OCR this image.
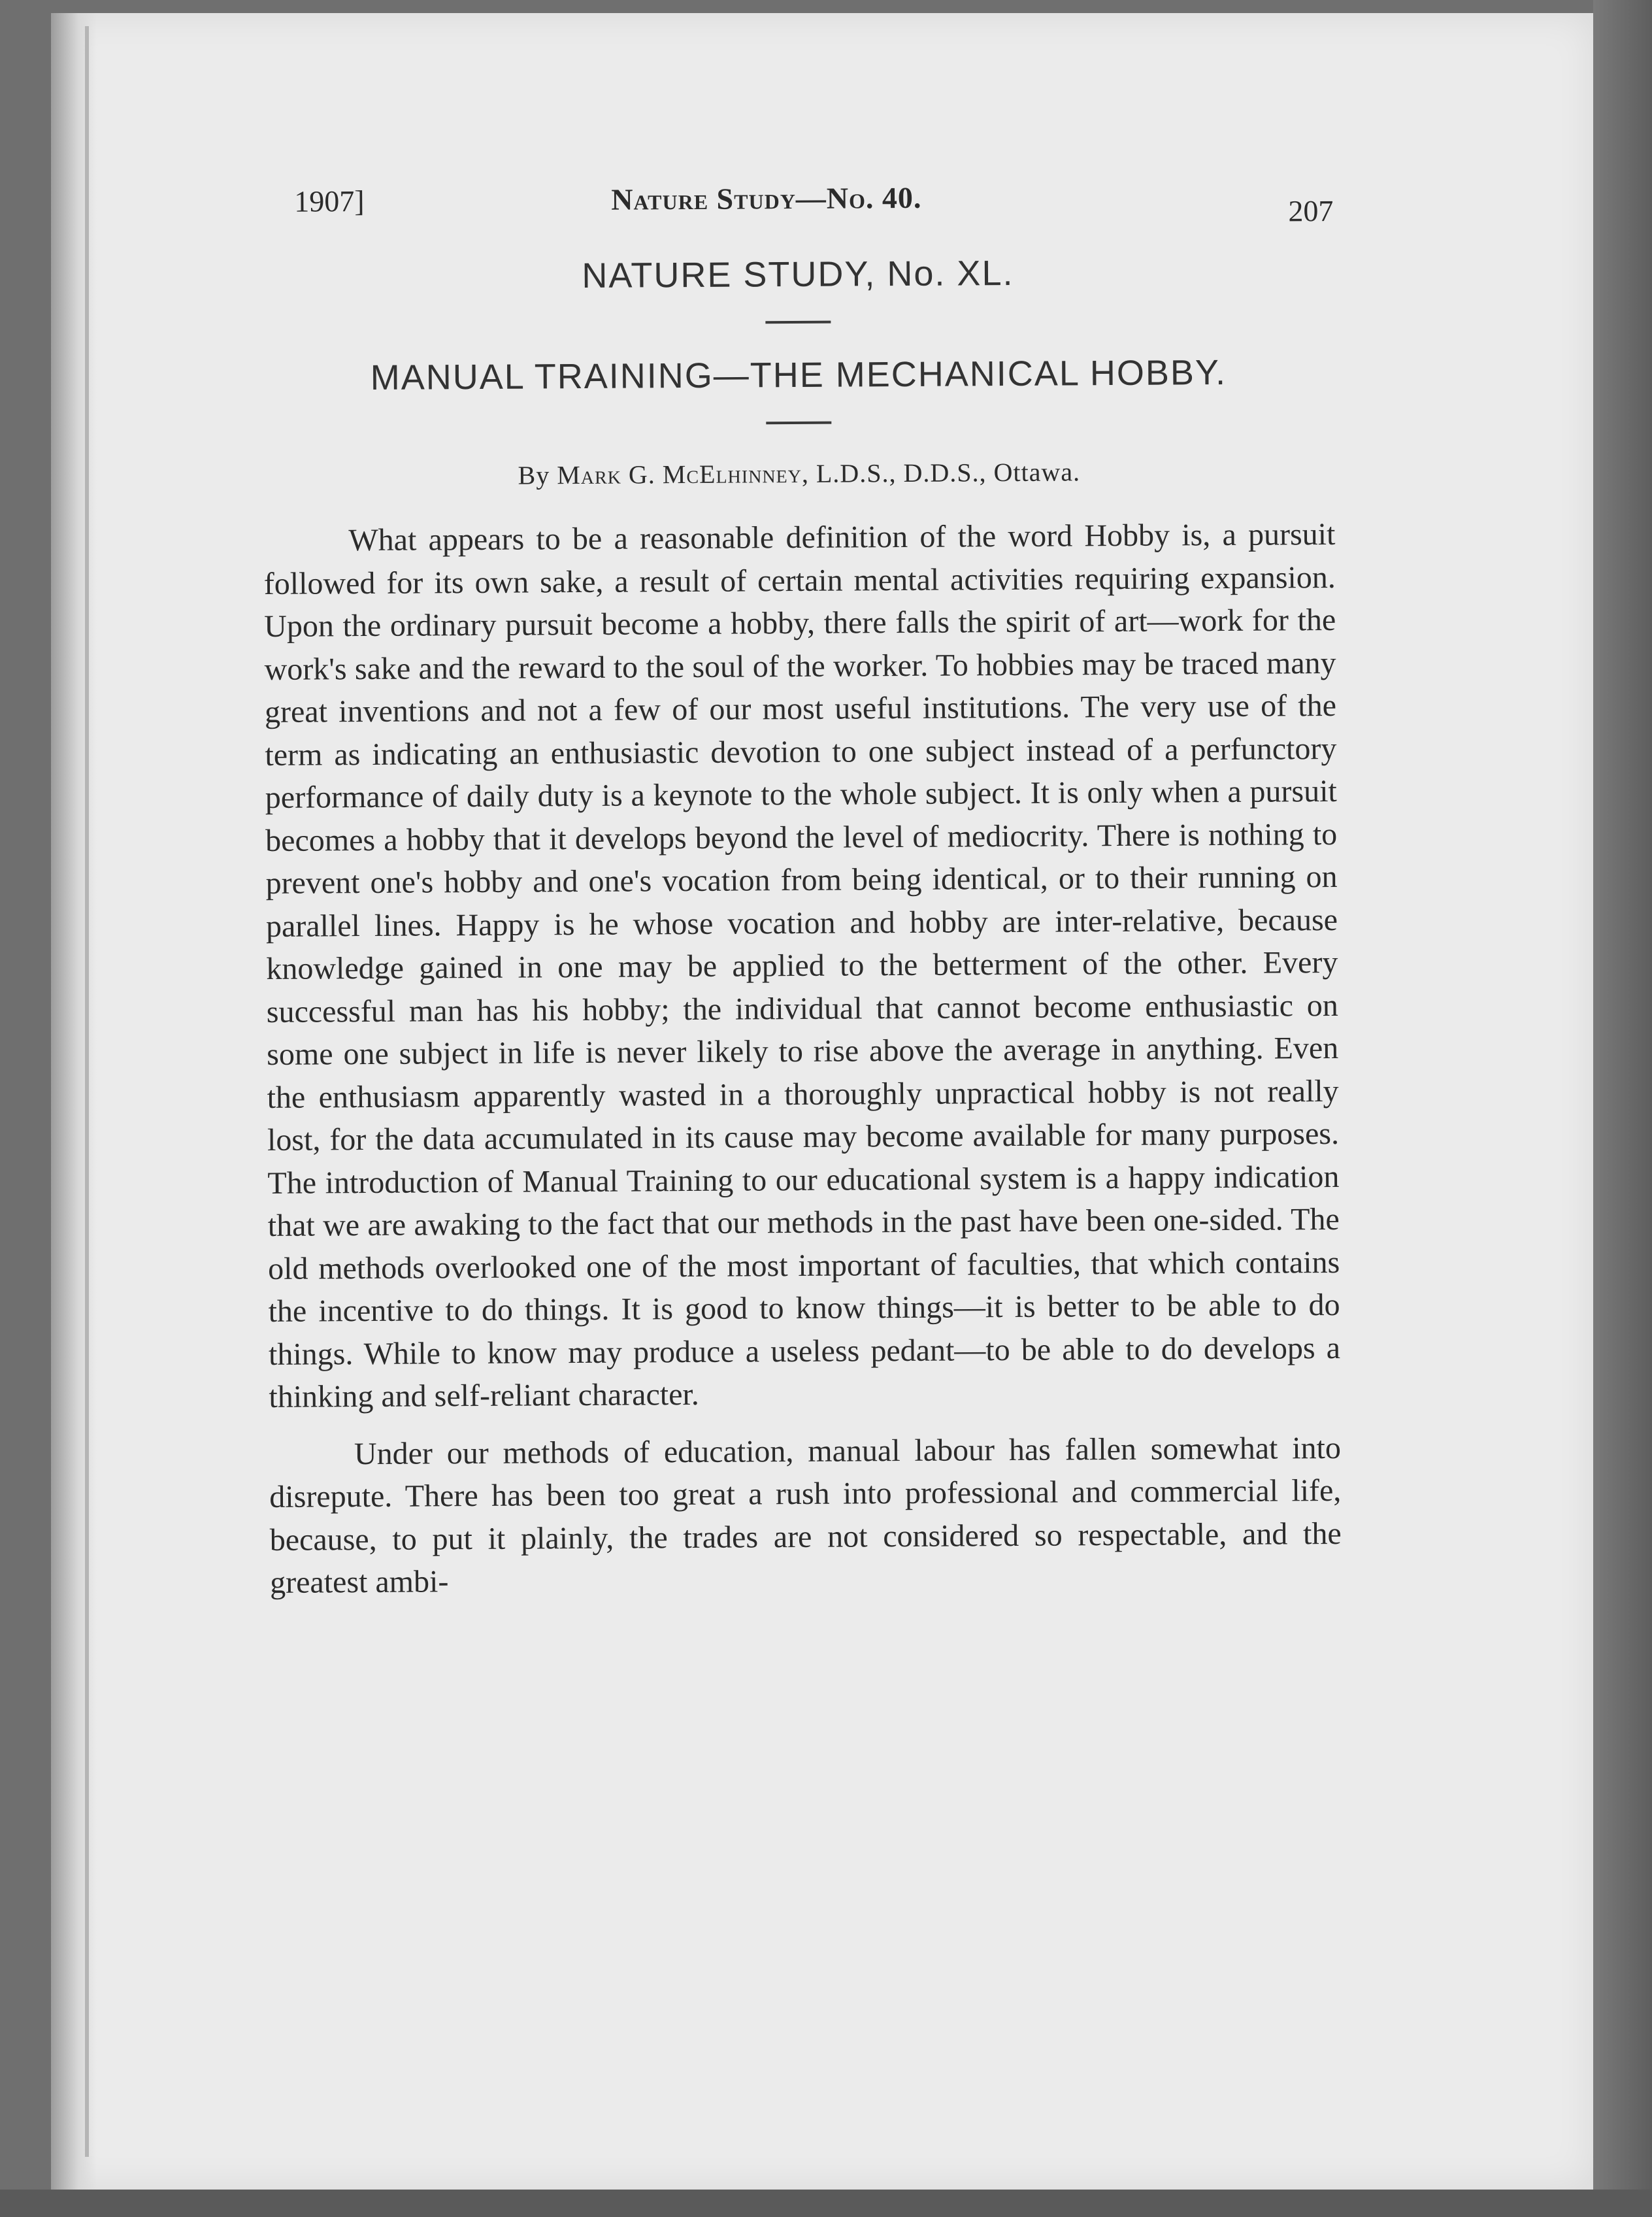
1907]	Nature Study—No. 40.	207
NATURE STUDY, No. XL.
MANUAL TRAINING—THE MECHANICAL HOBBY.
By Mark G. McElhinney, L.D.S., D.D.S., Ottawa.

What appears to be a reasonable definition of the word Hobby is, a pursuit followed for its own sake, a result of certain mental activities requiring expansion. Upon the ordinary pursuit become a hobby, there falls the spirit of art—work for the work's sake and the reward to the soul of the worker. To hobbies may be traced many great inventions and not a few of our most useful institutions. The very use of the term as indicating an enthusiastic devotion to one subject instead of a perfunctory performance of daily duty is a keynote to the whole subject. It is only when a pursuit becomes a hobby that it develops beyond the level of mediocrity. There is nothing to prevent one's hobby and one's vocation from being identical, or to their running on parallel lines. Happy is he whose vocation and hobby are inter-relative, because knowledge gained in one may be applied to the betterment of the other. Every successful man has his hobby; the individual that cannot become enthusiastic on some one subject in life is never likely to rise above the average in anything. Even the enthusiasm apparently wasted in a thoroughly unpractical hobby is not really lost, for the data accumulated in its cause may become available for many purposes. The introduction of Manual Training to our educational system is a happy indication that we are awaking to the fact that our methods in the past have been one-sided. The old methods overlooked one of the most important of faculties, that which contains the incentive to do things. It is good to know things—it is better to be able to do things. While to know may produce a useless pedant—to be able to do develops a thinking and self-reliant character.

Under our methods of education, manual labour has fallen somewhat into disrepute. There has been too great a rush into professional and commercial life, because, to put it plainly, the trades are not considered so respectable, and the greatest ambi-
